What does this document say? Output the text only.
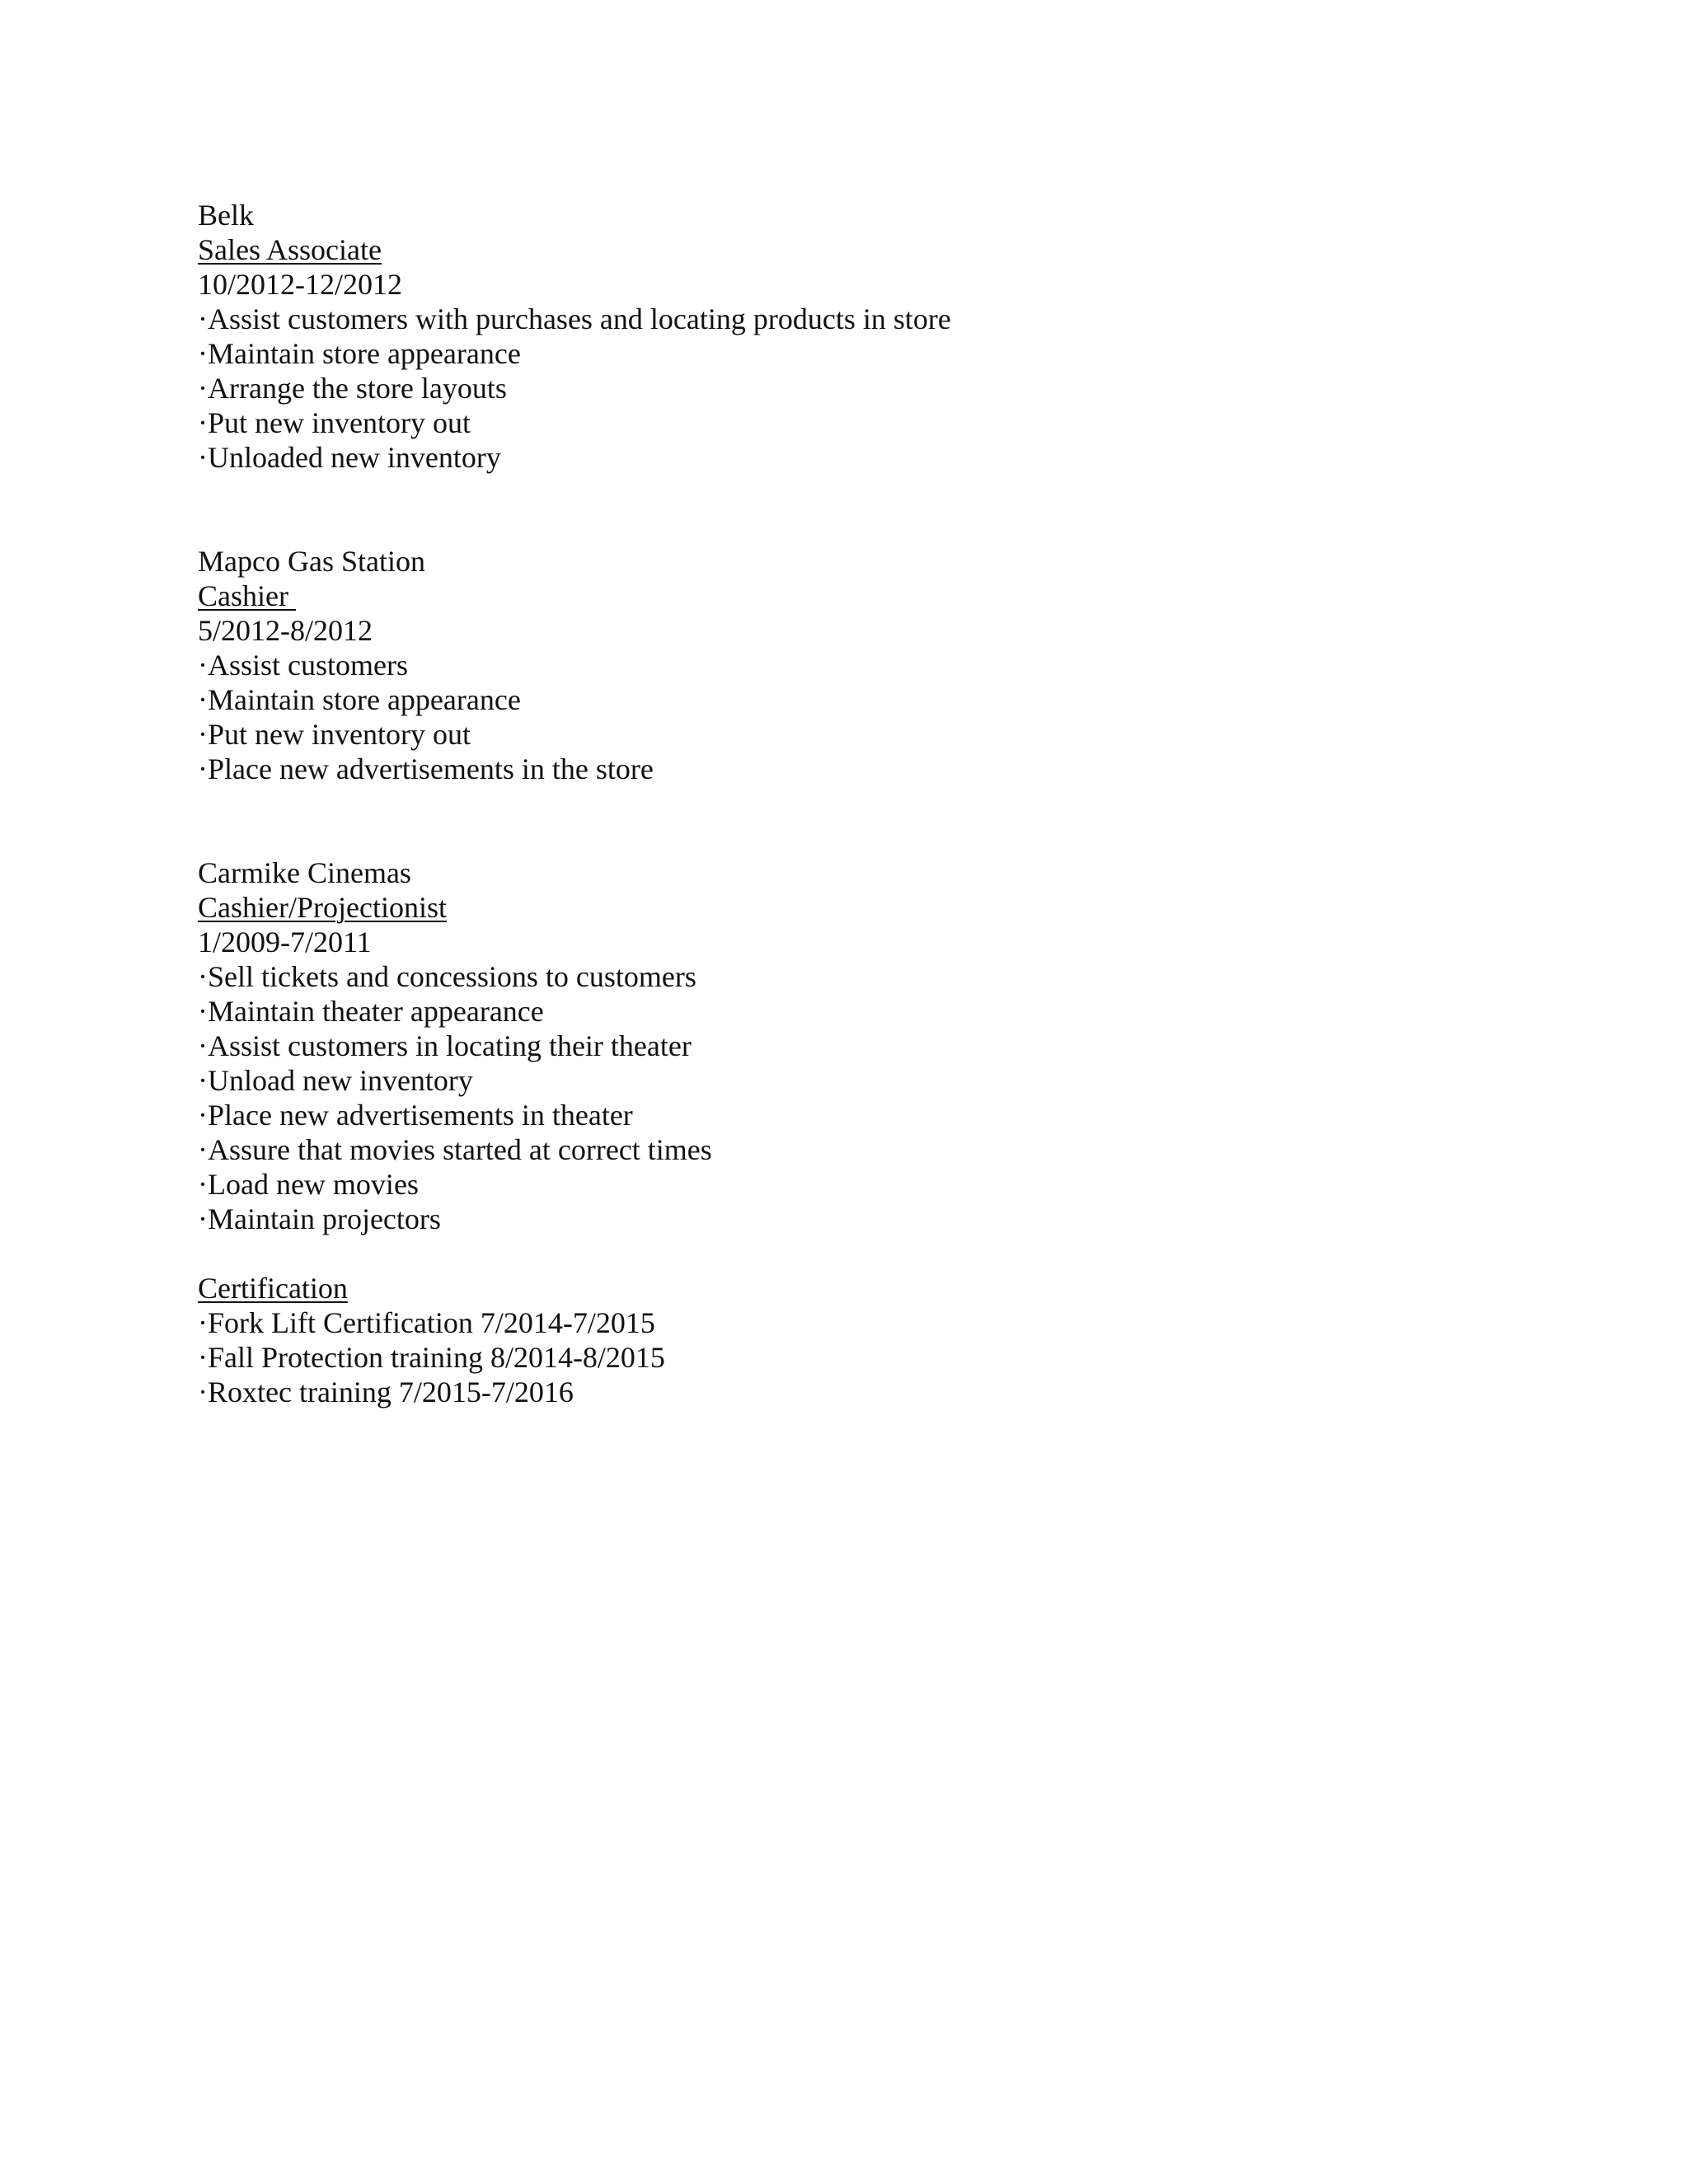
Belk
Sales Associate
10/2012-12/2012
·Assist customers with purchases and locating products in store
·Maintain store appearance
·Arrange the store layouts
·Put new inventory out
·Unloaded new inventory
Mapco Gas Station
Cashier
5/2012-8/2012
·Assist customers
·Maintain store appearance
·Put new inventory out
·Place new advertisements in the store
Carmike Cinemas
Cashier/Projectionist
1/2009-7/2011
·Sell tickets and concessions to customers
·Maintain theater appearance
·Assist customers in locating their theater
·Unload new inventory
·Place new advertisements in theater
·Assure that movies started at correct times
·Load new movies
·Maintain projectors
Certification
·Fork Lift Certification 7/2014-7/2015
·Fall Protection training 8/2014-8/2015
·Roxtec training 7/2015-7/2016
